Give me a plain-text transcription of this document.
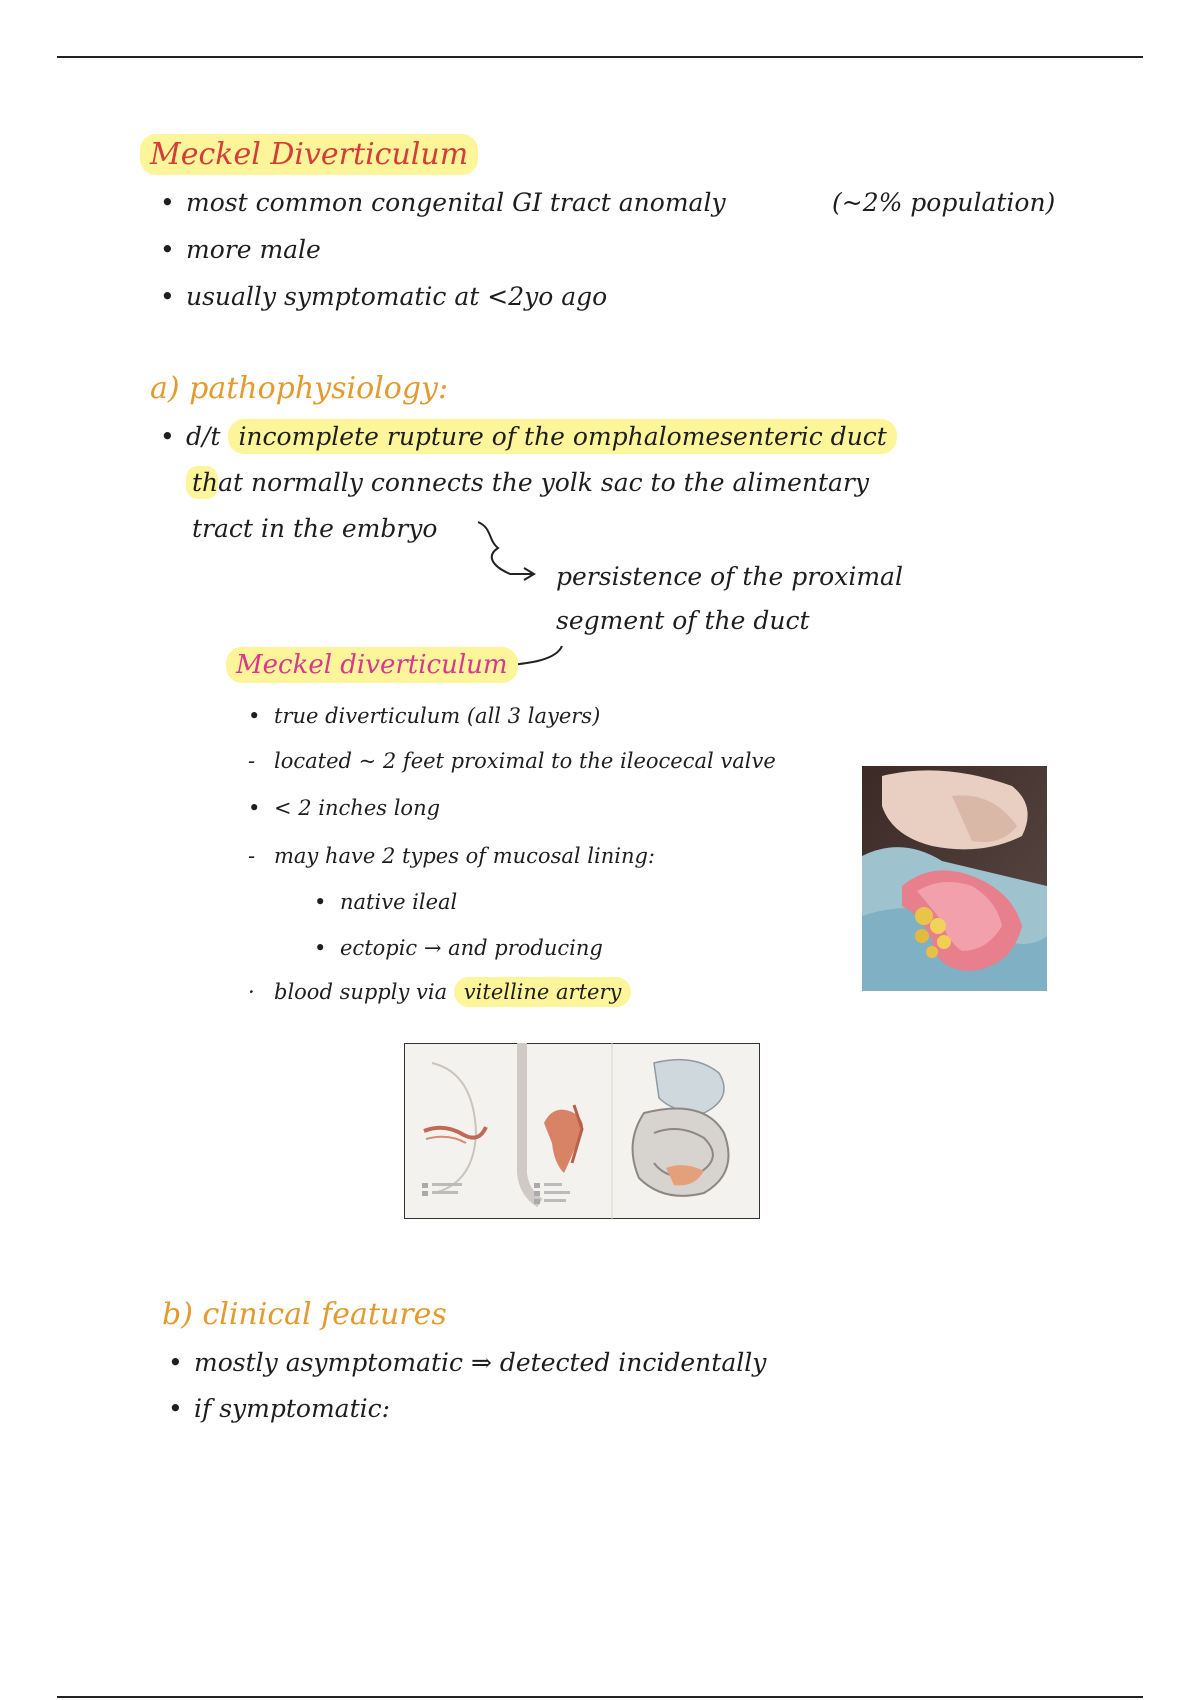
Meckel Diverticulum
• most common congenital GI tract anomaly	(~2% population)
• more male
• usually symptomatic at <2yo ago
a) pathophysiology:
• d/t incomplete rupture of the omphalomesenteric duct
that normally connects the yolk sac to the alimentary
tract in the embryo
persistence of the proximal
segment of the duct
Meckel diverticulum
• true diverticulum (all 3 layers)
- located ~ 2 feet proximal to the ileocecal valve
• < 2 inches long
- may have 2 types of mucosal lining:
• native ileal
• ectopic → and producing
· blood supply via vitelline artery
b) clinical features
• mostly asymptomatic ⇒ detected incidentally
• if symptomatic:
